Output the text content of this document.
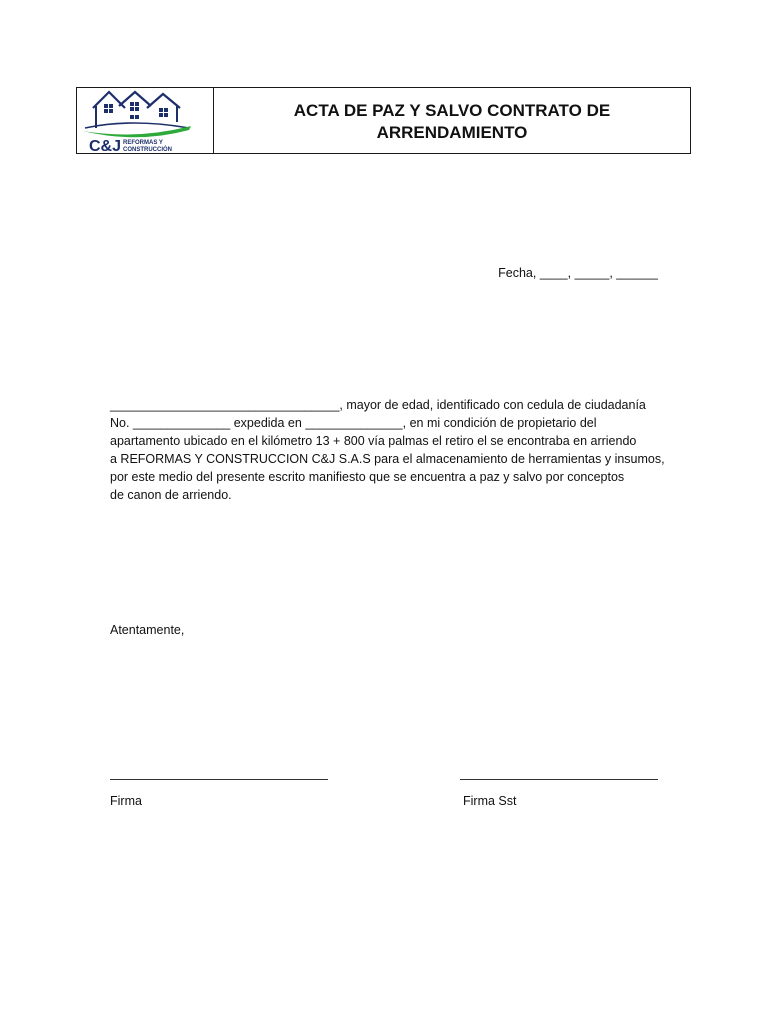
C&J REFORMAS Y
CONSTRUCCIÓN
ACTA DE PAZ Y SALVO CONTRATO DE
ARRENDAMIENTO
Fecha, ____, _____, ______
_________________________________, mayor de edad, identificado con cedula de ciudadanía
No. ______________ expedida en ______________, en mi condición de propietario del
apartamento ubicado en el kilómetro 13 + 800 vía palmas el retiro el se encontraba en arriendo
a REFORMAS Y CONSTRUCCION C&J S.A.S para el almacenamiento de herramientas y insumos,
por este medio del presente escrito manifiesto que se encuentra a paz y salvo por conceptos
de canon de arriendo.
Atentamente,
Firma	Firma Sst
